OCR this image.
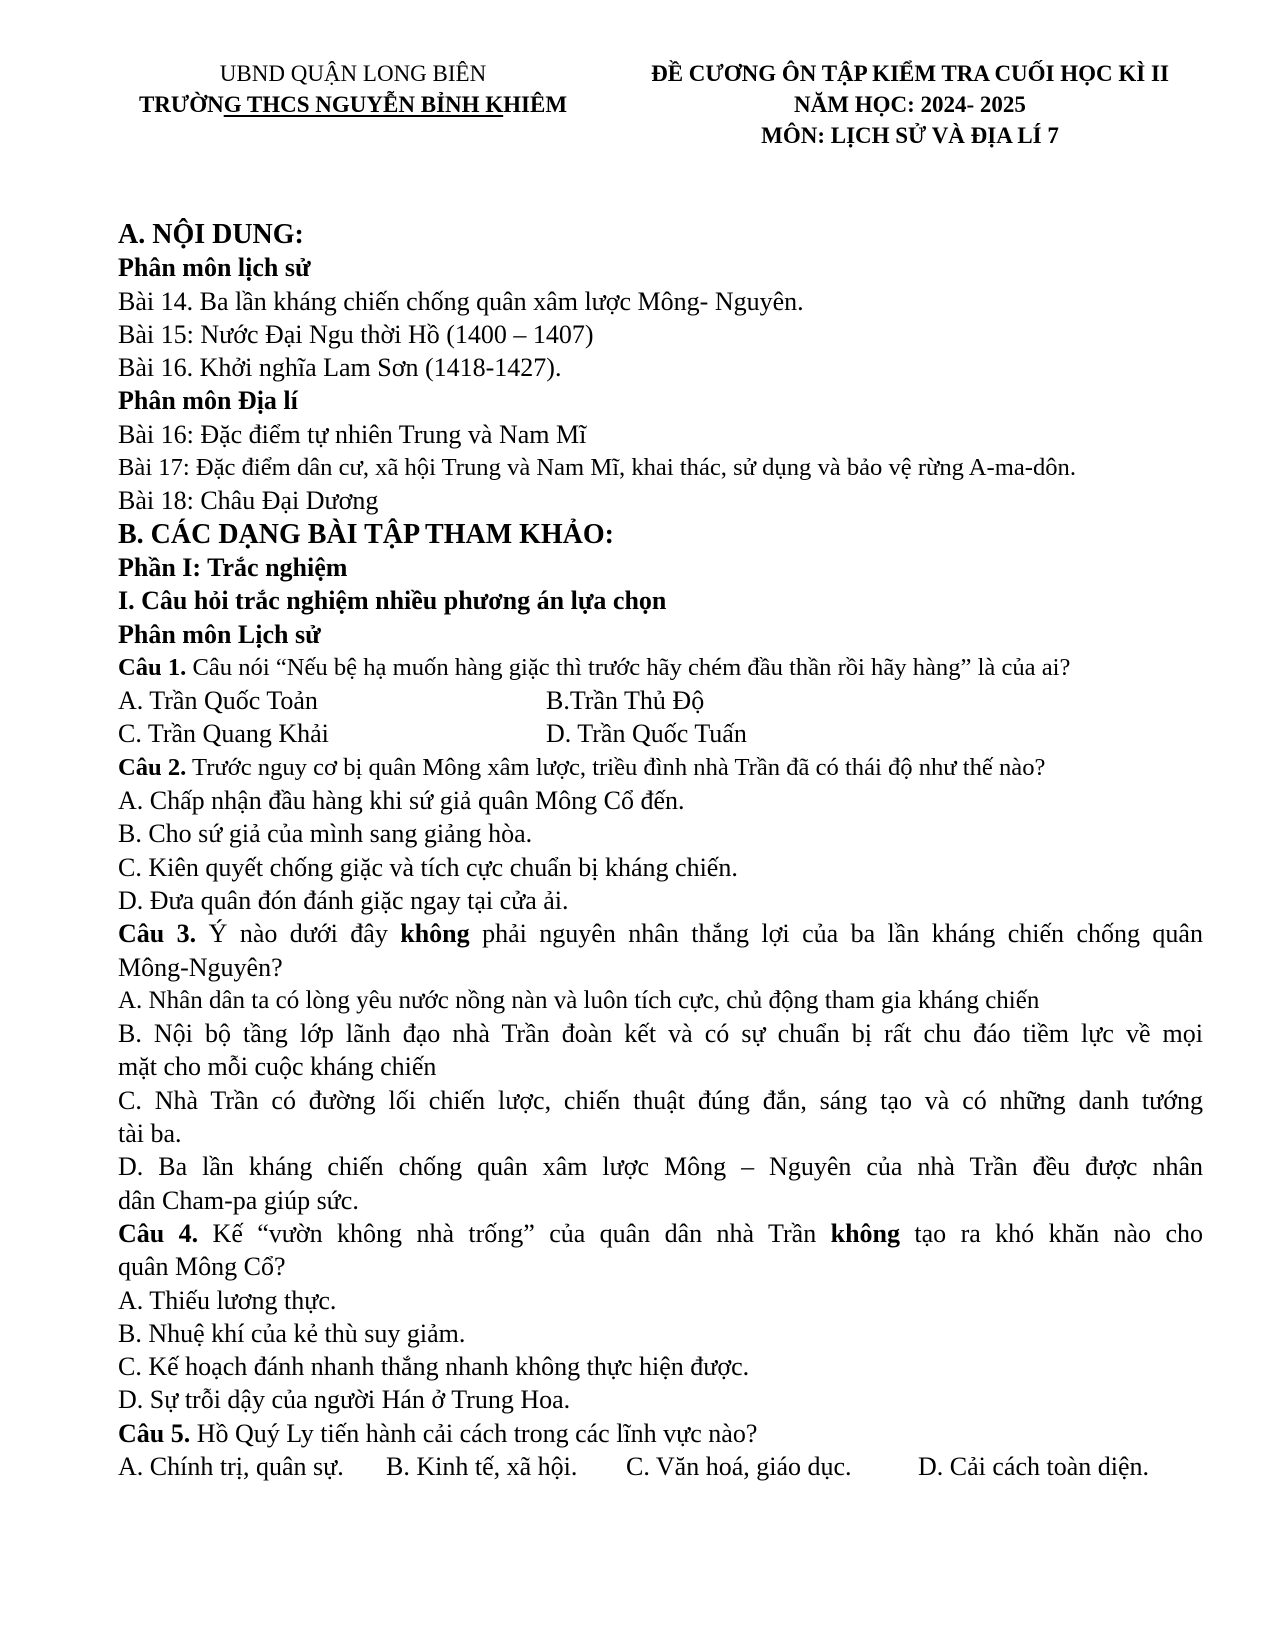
UBND QUẬN LONG BIÊN
TRƯỜNG THCS NGUYỄN BỈNH KHIÊM
ĐỀ CƯƠNG ÔN TẬP KIỂM TRA CUỐI HỌC KÌ II
NĂM HỌC: 2024- 2025
MÔN: LỊCH SỬ VÀ ĐỊA LÍ 7
A. NỘI DUNG:
Phân môn lịch sử
Bài 14. Ba lần kháng chiến chống quân xâm lược Mông- Nguyên.
Bài 15: Nước Đại Ngu thời Hồ (1400 – 1407)
Bài 16. Khởi nghĩa Lam Sơn (1418-1427).
Phân môn Địa lí
Bài 16: Đặc điểm tự nhiên Trung và Nam Mĩ
Bài 17: Đặc điểm dân cư, xã hội Trung và Nam Mĩ, khai thác, sử dụng và bảo vệ rừng A-ma-dôn.
Bài 18: Châu Đại Dương
B. CÁC DẠNG BÀI TẬP THAM KHẢO:
Phần I: Trắc nghiệm
I. Câu hỏi trắc nghiệm nhiều phương án lựa chọn
Phân môn Lịch sử
Câu 1. Câu nói “Nếu bệ hạ muốn hàng giặc thì trước hãy chém đầu thần rồi hãy hàng” là của ai?
A. Trần Quốc Toản	B.Trần Thủ Độ
C. Trần Quang Khải	D. Trần Quốc Tuấn
Câu 2. Trước nguy cơ bị quân Mông xâm lược, triều đình nhà Trần đã có thái độ như thế nào?
A. Chấp nhận đầu hàng khi sứ giả quân Mông Cổ đến.
B. Cho sứ giả của mình sang giảng hòa.
C. Kiên quyết chống giặc và tích cực chuẩn bị kháng chiến.
D. Đưa quân đón đánh giặc ngay tại cửa ải.
Câu 3. Ý nào dưới đây không phải nguyên nhân thắng lợi của ba lần kháng chiến chống quân
Mông-Nguyên?
A. Nhân dân ta có lòng yêu nước nồng nàn và luôn tích cực, chủ động tham gia kháng chiến
B. Nội bộ tầng lớp lãnh đạo nhà Trần đoàn kết và có sự chuẩn bị rất chu đáo tiềm lực về mọi
mặt cho mỗi cuộc kháng chiến
C. Nhà Trần có đường lối chiến lược, chiến thuật đúng đắn, sáng tạo và có những danh tướng
tài ba.
D. Ba lần kháng chiến chống quân xâm lược Mông – Nguyên của nhà Trần đều được nhân
dân Cham-pa giúp sức.
Câu 4. Kế “vườn không nhà trống” của quân dân nhà Trần không tạo ra khó khăn nào cho
quân Mông Cổ?
A. Thiếu lương thực.
B. Nhuệ khí của kẻ thù suy giảm.
C. Kế hoạch đánh nhanh thắng nhanh không thực hiện được.
D. Sự trỗi dậy của người Hán ở Trung Hoa.
Câu 5. Hồ Quý Ly tiến hành cải cách trong các lĩnh vực nào?
A. Chính trị, quân sự.	B. Kinh tế, xã hội.	C. Văn hoá, giáo dục.	D. Cải cách toàn diện.
